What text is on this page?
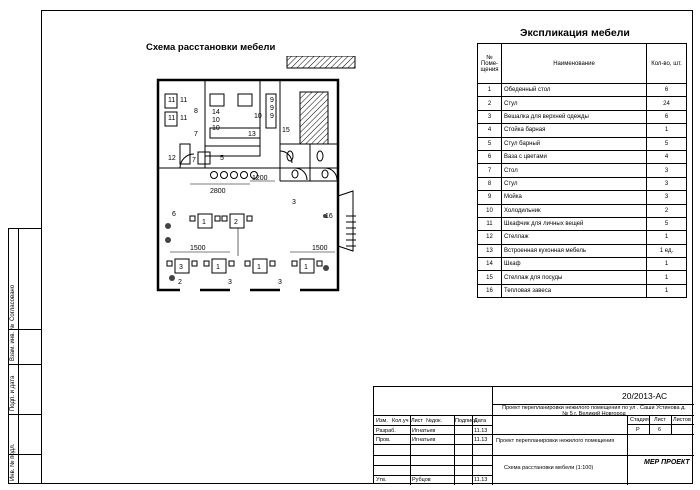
Согласовано
Взам. инв. №
Подп. и дата
Инв. № подл.
Схема расстановки мебели
2800
1200
1500	1500
11
11
11
11
8
7
14
10
10
9
9
9
10
13
15
12 7	5
3
16
6
1	2
3	1	1	1
2	3	3
Экспликация мебели
№ Поме-щения	Наименование	Кол-во, шт.
1	Обеденный стол	6
2	Стул	24
3	Вешалка для верхней одежды	6
4	Стойка барная	1
5	Стул барный	5
6	Ваза с цветами	4
7	Стол	3
8	Стул	3
9	Мойка	3
10	Холодильник	2
11	Шкафчик для личных вещей	5
12	Стеллаж	1
13	Встроенная кухонная мебель	1 ед.
14	Шкаф	1
15	Стеллаж для посуды	1
16	Тепловая завеса	1
20/2013-АС
Проект перепланировки нежилого помещения по ул . Саши Устинова д. № 5 г. Великий Новгород
Изм. Кол.уч Лист №док. Подпись
Дата
Разраб.	Игнатьев	11.13
Пров.	Игнатьев	11.13
Утв.	Рубцов	11.13
Проект перепланировки нежилого помещения
Стадия Лист Листов
Р	6
Схема расстановки мебели (1:100)
МЕР ПРОЕКТ
